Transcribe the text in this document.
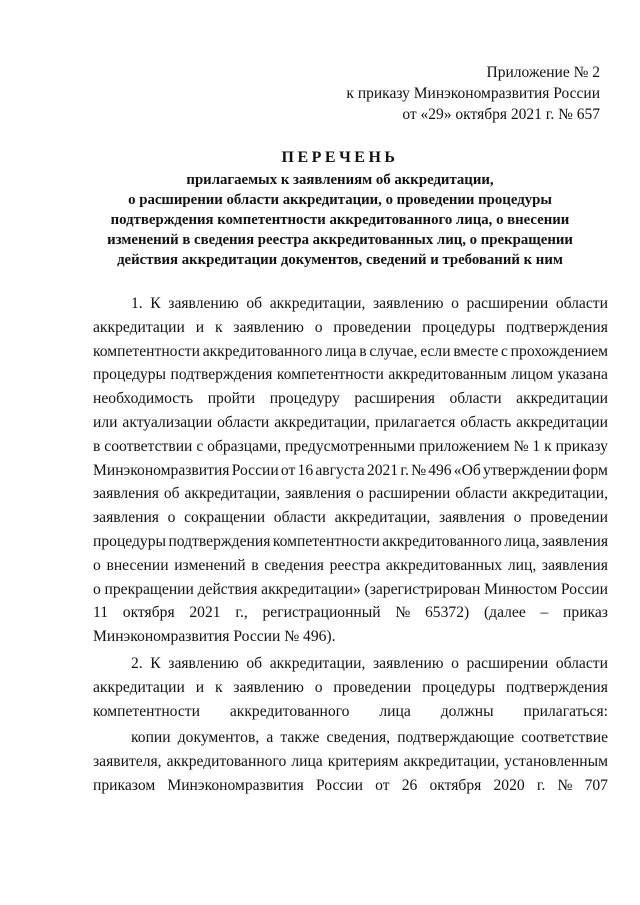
Приложение № 2
к приказу Минэкономразвития России
от «29» октября 2021 г. № 657
ПЕРЕЧЕНЬ
прилагаемых к заявлениям об аккредитации,
о расширении области аккредитации, о проведении процедуры
подтверждения компетентности аккредитованного лица, о внесении
изменений в сведения реестра аккредитованных лиц, о прекращении
действия аккредитации документов, сведений и требований к ним
1. К заявлению об аккредитации, заявлению о расширении области
аккредитации и к заявлению о проведении процедуры подтверждения
компетентности аккредитованного лица в случае, если вместе с прохождением
процедуры подтверждения компетентности аккредитованным лицом указана
необходимость пройти процедуру расширения области аккредитации
или актуализации области аккредитации, прилагается область аккредитации
в соответствии с образцами, предусмотренными приложением № 1 к приказу
Минэкономразвития России от 16 августа 2021 г. № 496 «Об утверждении форм
заявления об аккредитации, заявления о расширении области аккредитации,
заявления о сокращении области аккредитации, заявления о проведении
процедуры подтверждения компетентности аккредитованного лица, заявления
о внесении изменений в сведения реестра аккредитованных лиц, заявления
о прекращении действия аккредитации» (зарегистрирован Минюстом России
11 октября 2021 г., регистрационный № 65372) (далее – приказ
Минэкономразвития России № 496).
2. К заявлению об аккредитации, заявлению о расширении области
аккредитации и к заявлению о проведении процедуры подтверждения
компетентности аккредитованного лица должны прилагаться:
копии документов, а также сведения, подтверждающие соответствие
заявителя, аккредитованного лица критериям аккредитации, установленным
приказом Минэкономразвития России от 26 октября 2020 г. № 707
